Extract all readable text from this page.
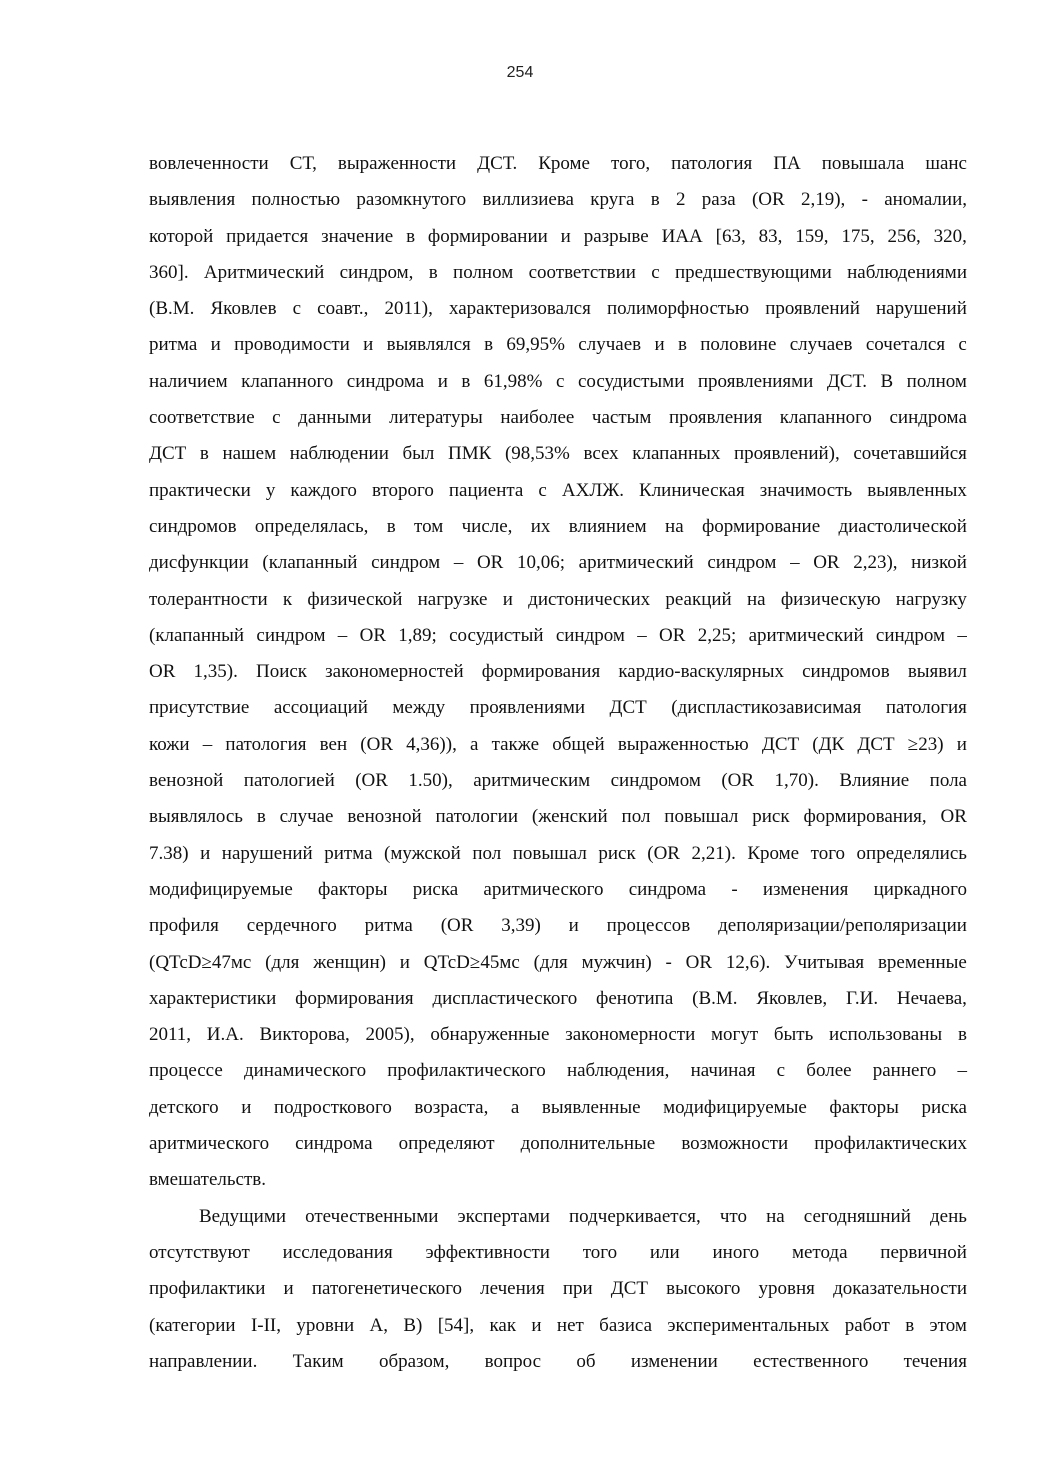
254
вовлеченности СТ, выраженности ДСТ. Кроме того, патология ПА повышала шанс
выявления полностью разомкнутого виллизиева круга в 2 раза (OR 2,19), - аномалии,
которой придается значение в формировании и разрыве ИАА [63, 83, 159, 175, 256, 320,
360]. Аритмический синдром, в полном соответствии с предшествующими наблюдениями
(В.М. Яковлев с соавт., 2011), характеризовался полиморфностью проявлений нарушений
ритма и проводимости и выявлялся в 69,95% случаев и в половине случаев сочетался с
наличием клапанного синдрома и в 61,98% с сосудистыми проявлениями ДСТ. В полном
соответствие с данными литературы наиболее частым проявления клапанного синдрома
ДСТ в нашем наблюдении был ПМК (98,53% всех клапанных проявлений), сочетавшийся
практически у каждого второго пациента с АХЛЖ. Клиническая значимость выявленных
синдромов определялась, в том числе, их влиянием на формирование диастолической
дисфункции (клапанный синдром – OR 10,06; аритмический синдром – OR 2,23), низкой
толерантности к физической нагрузке и дистонических реакций на физическую нагрузку
(клапанный синдром – OR 1,89; сосудистый синдром – OR 2,25; аритмический синдром –
OR 1,35). Поиск закономерностей формирования кардио-васкулярных синдромов выявил
присутствие ассоциаций между проявлениями ДСТ (диспластикозависимая патология
кожи – патология вен (OR 4,36)), а также общей выраженностью ДСТ (ДК ДСТ ≥23) и
венозной патологией (OR 1.50), аритмическим синдромом (OR 1,70). Влияние пола
выявлялось в случае венозной патологии (женский пол повышал риск формирования, OR
7.38) и нарушений ритма (мужской пол повышал риск (OR 2,21). Кроме того определялись
модифицируемые факторы риска аритмического синдрома - изменения циркадного
профиля сердечного ритма (OR 3,39) и процессов деполяризации/реполяризации
(QTcD≥47мс (для женщин) и QTcD≥45мс (для мужчин) - OR 12,6). Учитывая временные
характеристики формирования диспластического фенотипа (В.М. Яковлев, Г.И. Нечаева,
2011, И.А. Викторова, 2005), обнаруженные закономерности могут быть использованы в
процессе динамического профилактического наблюдения, начиная с более раннего –
детского и подросткового возраста, а выявленные модифицируемые факторы риска
аритмического синдрома определяют дополнительные возможности профилактических
вмешательств.
Ведущими отечественными экспертами подчеркивается, что на сегодняшний день
отсутствуют исследования эффективности того или иного метода первичной
профилактики и патогенетического лечения при ДСТ высокого уровня доказательности
(категории I-II, уровни А, В) [54], как и нет базиса экспериментальных работ в этом
направлении. Таким образом, вопрос об изменении естественного течения
